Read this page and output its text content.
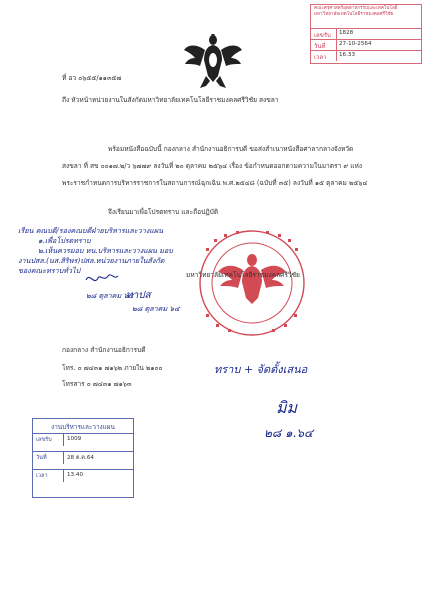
คณะครุศาสตร์อุตสาหกรรมและเทคโนโลยี มหาวิทยาลัยเทคโนโลยีราชมงคลศรีวิชัย
เลขรับ 1828
วันที่ 27-10-2564
เวลา 16.33
ที่ อว ๐๖๕๕/๑๑๓๕๗
ถึง หัวหน้าหน่วยงานในสังกัดมหาวิทยาลัยเทคโนโลยีราชมงคลศรีวิชัย สงขลา
พร้อมหนังสือฉบับนี้ กองกลาง สำนักงานอธิการบดี ขอส่งสำเนาหนังสือศาลากลางจังหวัด
สงขลา ที่ สข ๐๐๑๗.๒/ว ๖๗๗๙ ลงวันที่ ๒๐ ตุลาคม ๒๕๖๔ เรื่อง ข้อกำหนดออกตามความในมาตรา ๙ แห่ง
พระราชกำหนดการบริหารราชการในสถานการณ์ฉุกเฉิน พ.ศ.๒๕๔๘ (ฉบับที่ ๓๕) ลงวันที่ ๑๕ ตุลาคม ๒๕๖๔
จึงเรียนมาเพื่อโปรดทราบ และถือปฏิบัติ
เรียน คณบดี/รองคณบดีฝ่ายบริหารและวางแผน
๑.เพื่อโปรดทราบ
๒.เห็นควรมอบ หน.บริหารและวางแผน มอบ
งานปสล.(นส.สิริพร)ปสล.หน่วยงานภายในสังกัด
ของคณะทราบทั่วไป
๒๘ ตุลาคม ๖๔
ทาปส
๒๘ ตุลาคม ๖๔
มหาวิทยาลัยเทคโนโลยีราชมงคลศรีวิชัย
กองกลาง สำนักงานอธิการบดี
โทร. ๐ ๗๔๓๑ ๗๑๖๒ ภายใน ๒๑๐๐
โทรสาร ๐ ๗๔๓๑ ๗๑๖๓
ทราบ + จัดตั้งเสนอ
มิม
๒๘ ๑.๖๔
งานบริหารและวางแผน
เลขรับ	1009
วันที่	28 ต.ค.64
เวลา	13.40
